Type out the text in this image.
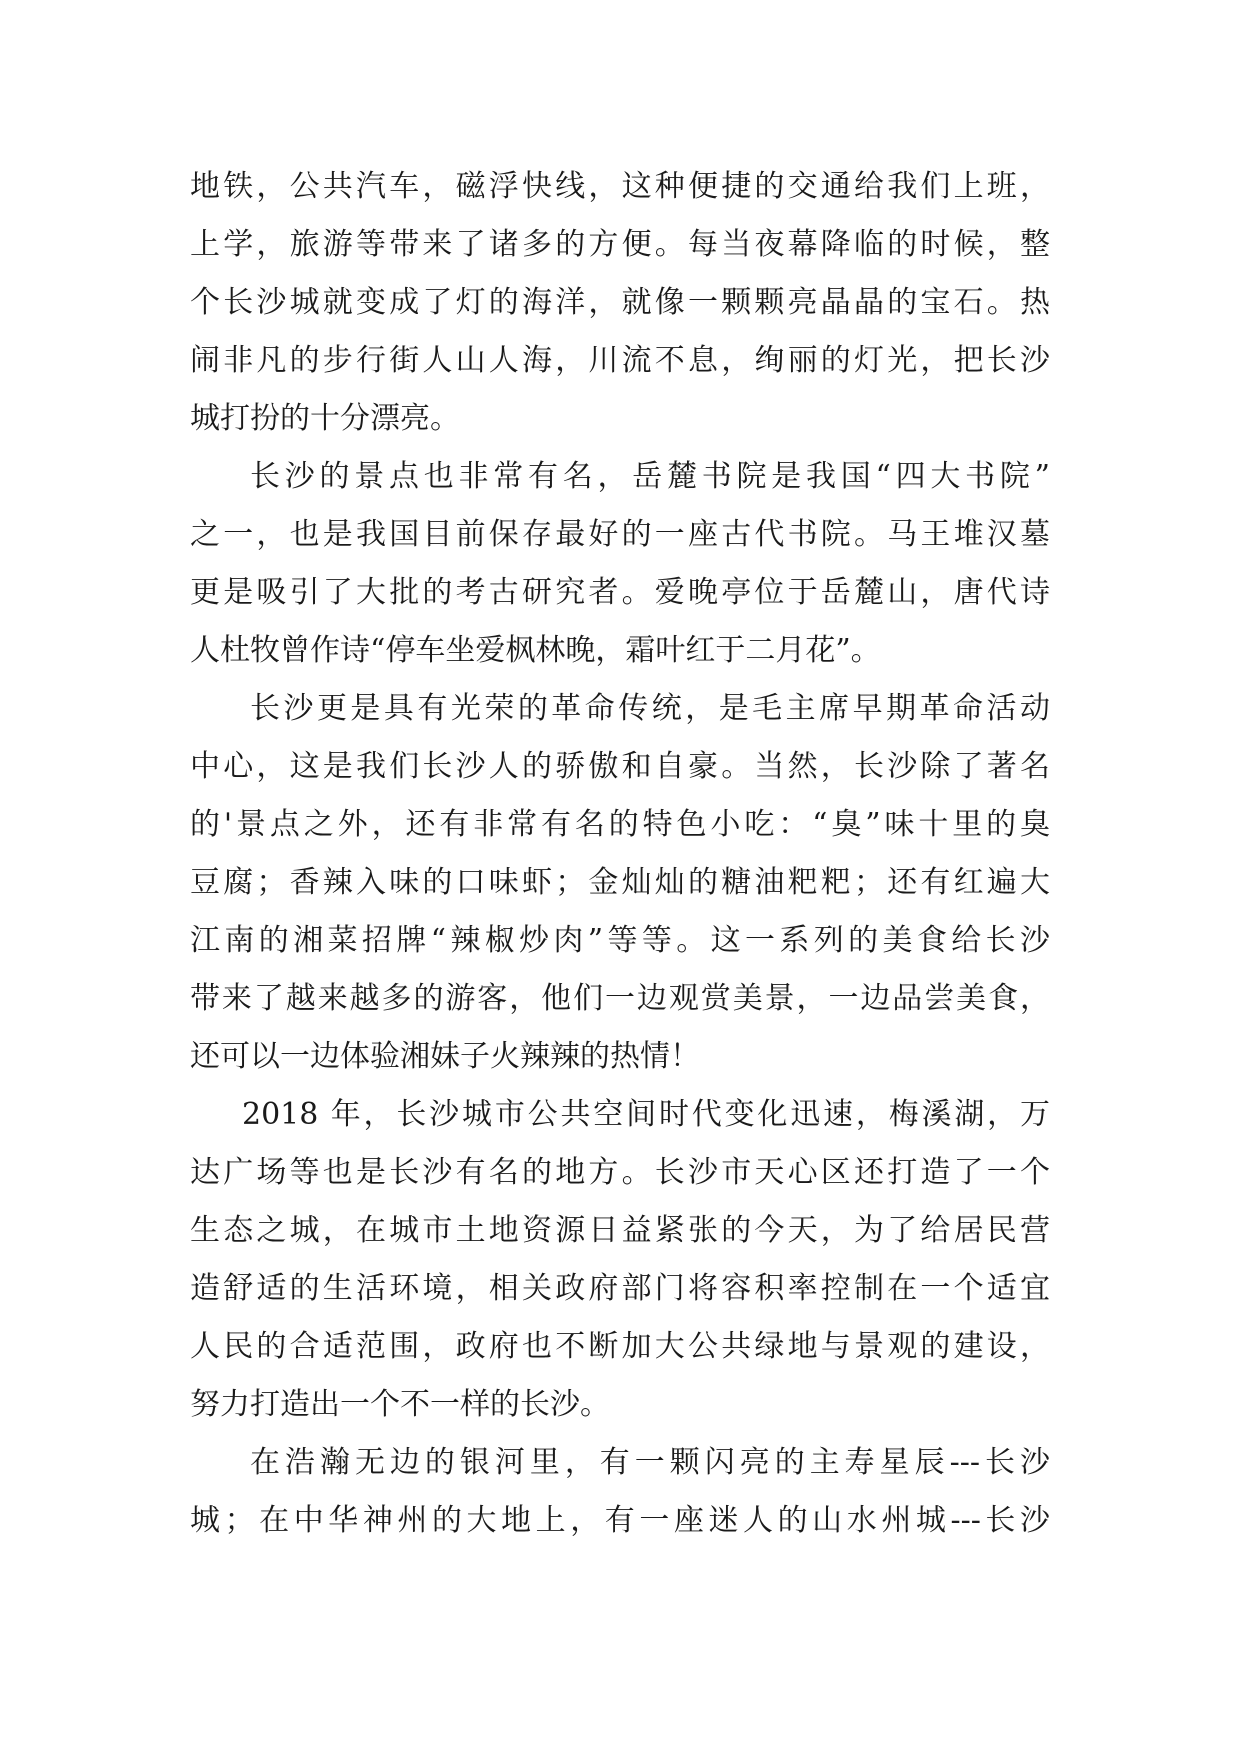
地铁，公共汽车，磁浮快线，这种便捷的交通给我们上班，
上学，旅游等带来了诸多的方便。每当夜幕降临的时候，整
个长沙城就变成了灯的海洋，就像一颗颗亮晶晶的宝石。热
闹非凡的步行街人山人海，川流不息，绚丽的灯光，把长沙
城打扮的十分漂亮。
长沙的景点也非常有名，岳麓书院是我国“四大书院”
之一，也是我国目前保存最好的一座古代书院。马王堆汉墓
更是吸引了大批的考古研究者。爱晚亭位于岳麓山，唐代诗
人杜牧曾作诗“停车坐爱枫林晚，霜叶红于二月花”。
长沙更是具有光荣的革命传统，是毛主席早期革命活动
中心，这是我们长沙人的骄傲和自豪。当然，长沙除了著名
的'景点之外，还有非常有名的特色小吃：“臭”味十里的臭
豆腐；香辣入味的口味虾；金灿灿的糖油粑粑；还有红遍大
江南的湘菜招牌“辣椒炒肉”等等。这一系列的美食给长沙
带来了越来越多的游客，他们一边观赏美景，一边品尝美食，
还可以一边体验湘妹子火辣辣的热情！
2018 年，长沙城市公共空间时代变化迅速，梅溪湖，万
达广场等也是长沙有名的地方。长沙市天心区还打造了一个
生态之城，在城市土地资源日益紧张的今天，为了给居民营
造舒适的生活环境，相关政府部门将容积率控制在一个适宜
人民的合适范围，政府也不断加大公共绿地与景观的建设，
努力打造出一个不一样的长沙。
在浩瀚无边的银河里，有一颗闪亮的主寿星辰---长沙
城；在中华神州的大地上，有一座迷人的山水州城---长沙
